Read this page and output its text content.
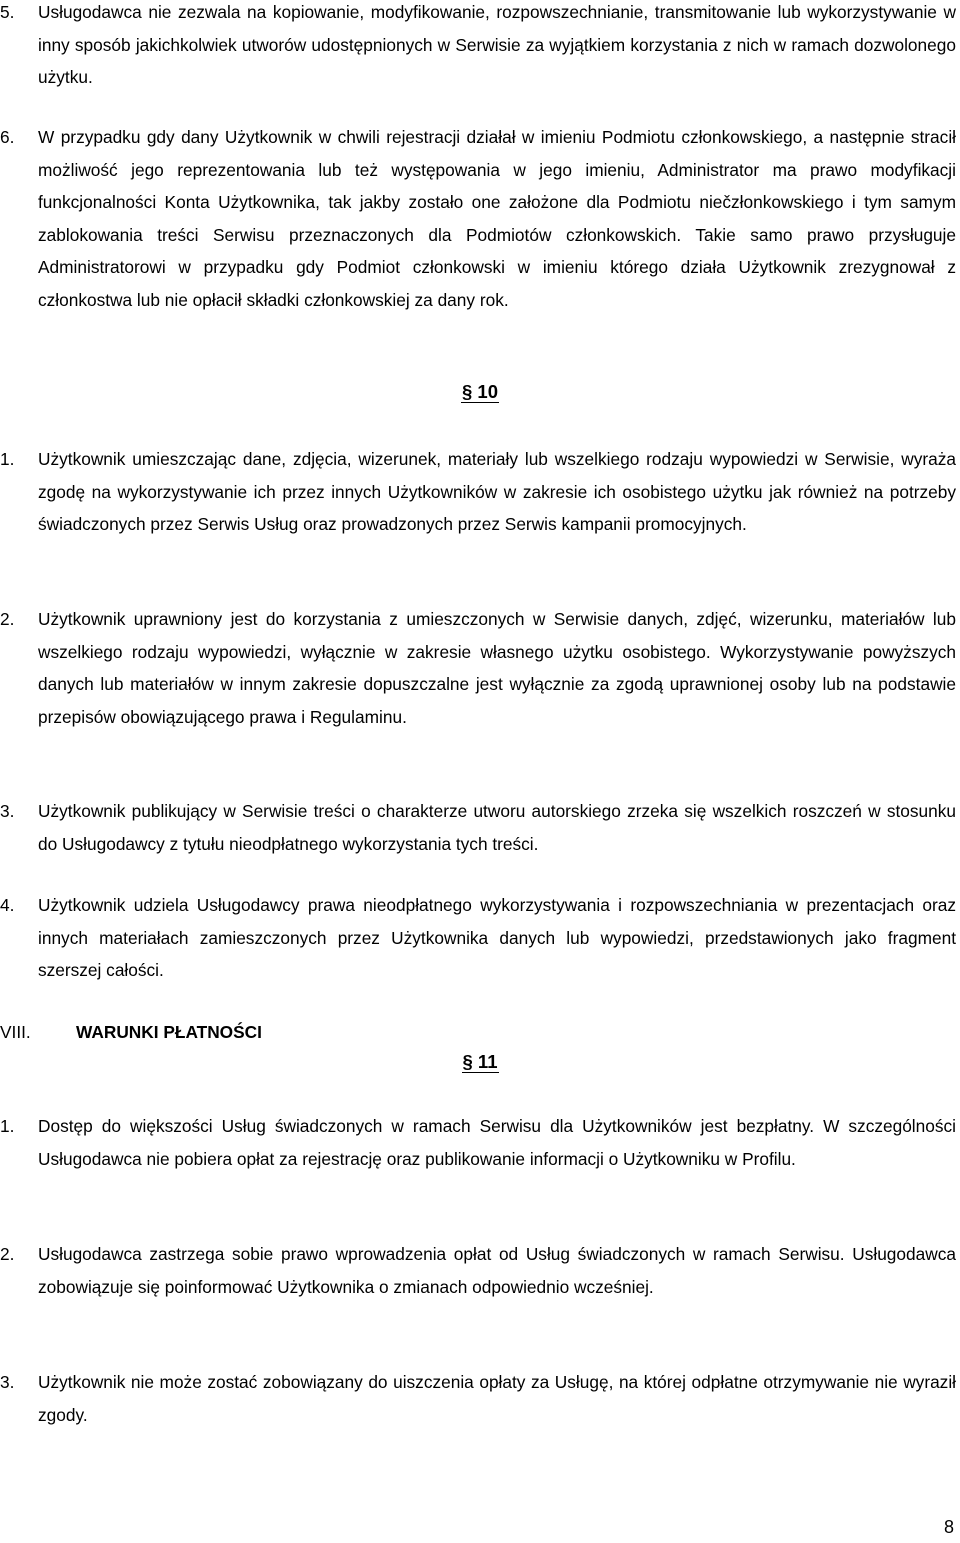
5.	Usługodawca nie zezwala na kopiowanie, modyfikowanie, rozpowszechnianie, transmitowanie lub wykorzystywanie w inny sposób jakichkolwiek utworów udostępnionych w Serwisie za wyjątkiem korzystania z nich w ramach dozwolonego użytku.
6.	W przypadku gdy dany Użytkownik w chwili rejestracji działał w imieniu Podmiotu członkowskiego, a następnie stracił możliwość jego reprezentowania lub też występowania w jego imieniu, Administrator ma prawo modyfikacji funkcjonalności Konta Użytkownika, tak jakby zostało one założone dla Podmiotu niečzłonkowskiego i tym samym zablokowania treści Serwisu przeznaczonych dla Podmiotów członkowskich. Takie samo prawo przysługuje Administratorowi w przypadku gdy Podmiot członkowski w imieniu którego działa Użytkownik zrezygnował z członkostwa lub nie opłacił składki członkowskiej za dany rok.
§ 10
1.	Użytkownik umieszczając dane, zdjęcia, wizerunek, materiały lub wszelkiego rodzaju wypowiedzi w Serwisie, wyraża zgodę na wykorzystywanie ich przez innych Użytkowników w zakresie ich osobistego użytku jak również na potrzeby świadczonych przez Serwis Usług oraz prowadzonych przez Serwis kampanii promocyjnych.
2.	Użytkownik uprawniony jest do korzystania z umieszczonych w Serwisie danych, zdjęć, wizerunku, materiałów lub wszelkiego rodzaju wypowiedzi, wyłącznie w zakresie własnego użytku osobistego. Wykorzystywanie powyższych danych lub materiałów w innym zakresie dopuszczalne jest wyłącznie za zgodą uprawnionej osoby lub na podstawie przepisów obowiązującego prawa i Regulaminu.
3.	Użytkownik publikujący w Serwisie treści o charakterze utworu autorskiego zrzeka się wszelkich roszczeń w stosunku do Usługodawcy z tytułu nieodpłatnego wykorzystania tych treści.
4.	Użytkownik udziela Usługodawcy prawa nieodpłatnego wykorzystywania i rozpowszechniania w prezentacjach oraz innych materiałach zamieszczonych przez Użytkownika danych lub wypowiedzi, przedstawionych jako fragment szerszej całości.
VIII.	WARUNKI PŁATNOŚCI
§ 11
1.	Dostęp do większości Usług świadczonych w ramach Serwisu dla Użytkowników jest bezpłatny. W szczególności Usługodawca nie pobiera opłat za rejestrację oraz publikowanie informacji o Użytkowniku w Profilu.
2.	Usługodawca zastrzega sobie prawo wprowadzenia opłat od Usług świadczonych w ramach Serwisu. Usługodawca zobowiązuje się poinformować Użytkownika o zmianach odpowiednio wcześniej.
3.	Użytkownik nie może zostać zobowiązany do uiszczenia opłaty za Usługę, na której odpłatne otrzymywanie nie wyraził zgody.
8
